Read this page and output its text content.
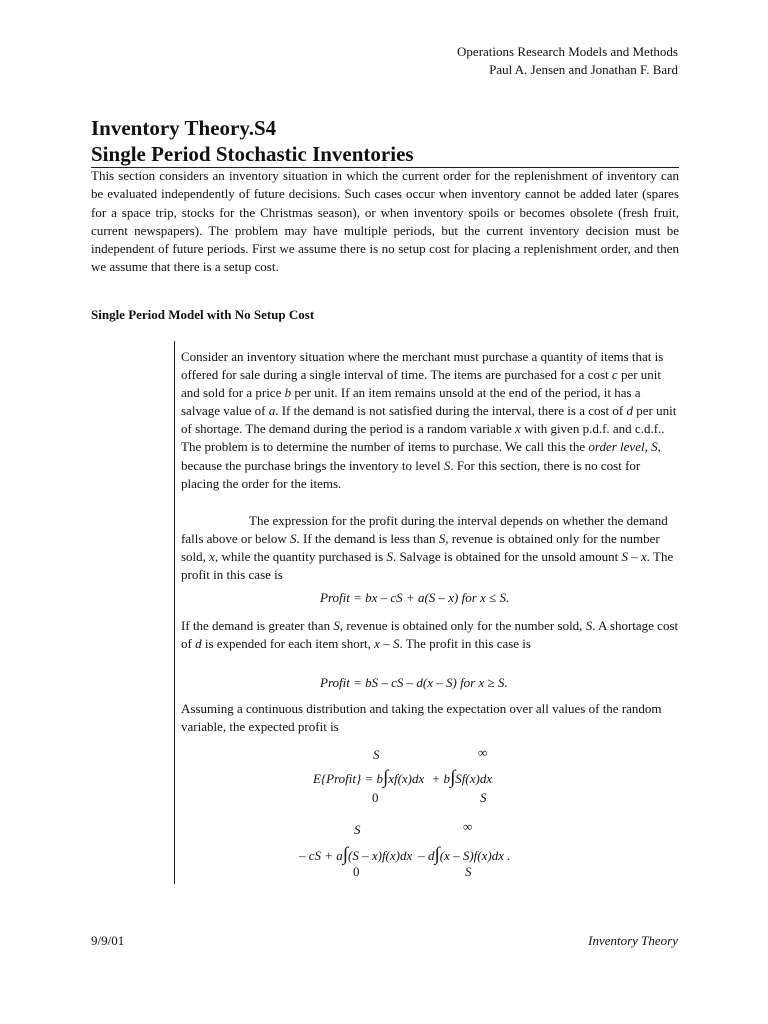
Operations Research Models and Methods
Paul A. Jensen and Jonathan F. Bard
Inventory Theory.S4
Single Period Stochastic Inventories
This section considers an inventory situation in which the current order for the replenishment of inventory can be evaluated independently of future decisions. Such cases occur when inventory cannot be added later (spares for a space trip, stocks for the Christmas season), or when inventory spoils or becomes obsolete (fresh fruit, current newspapers). The problem may have multiple periods, but the current inventory decision must be independent of future periods. First we assume there is no setup cost for placing a replenishment order, and then we assume that there is a setup cost.
Single Period Model with No Setup Cost
Consider an inventory situation where the merchant must purchase a quantity of items that is offered for sale during a single interval of time. The items are purchased for a cost c per unit and sold for a price b per unit. If an item remains unsold at the end of the period, it has a salvage value of a. If the demand is not satisfied during the interval, there is a cost of d per unit of shortage. The demand during the period is a random variable x with given p.d.f. and c.d.f.. The problem is to determine the number of items to purchase. We call this the order level, S, because the purchase brings the inventory to level S. For this section, there is no cost for placing the order for the items.
The expression for the profit during the interval depends on whether the demand falls above or below S. If the demand is less than S, revenue is obtained only for the number sold, x, while the quantity purchased is S. Salvage is obtained for the unsold amount S – x. The profit in this case is
Profit = bx – cS + a(S – x) for x ≤ S.
If the demand is greater than S, revenue is obtained only for the number sold, S. A shortage cost of d is expended for each item short, x – S. The profit in this case is
Profit = bS – cS – d(x – S) for x ≥ S.
Assuming a continuous distribution and taking the expectation over all values of the random variable, the expected profit is
S	∞
E{Profit} = b∫xf(x)dx + b∫Sf(x)dx
0	S
S	∞
– cS + a∫(S – x)f(x)dx – d∫(x – S)f(x)dx .
0	S
9/9/01	Inventory Theory
